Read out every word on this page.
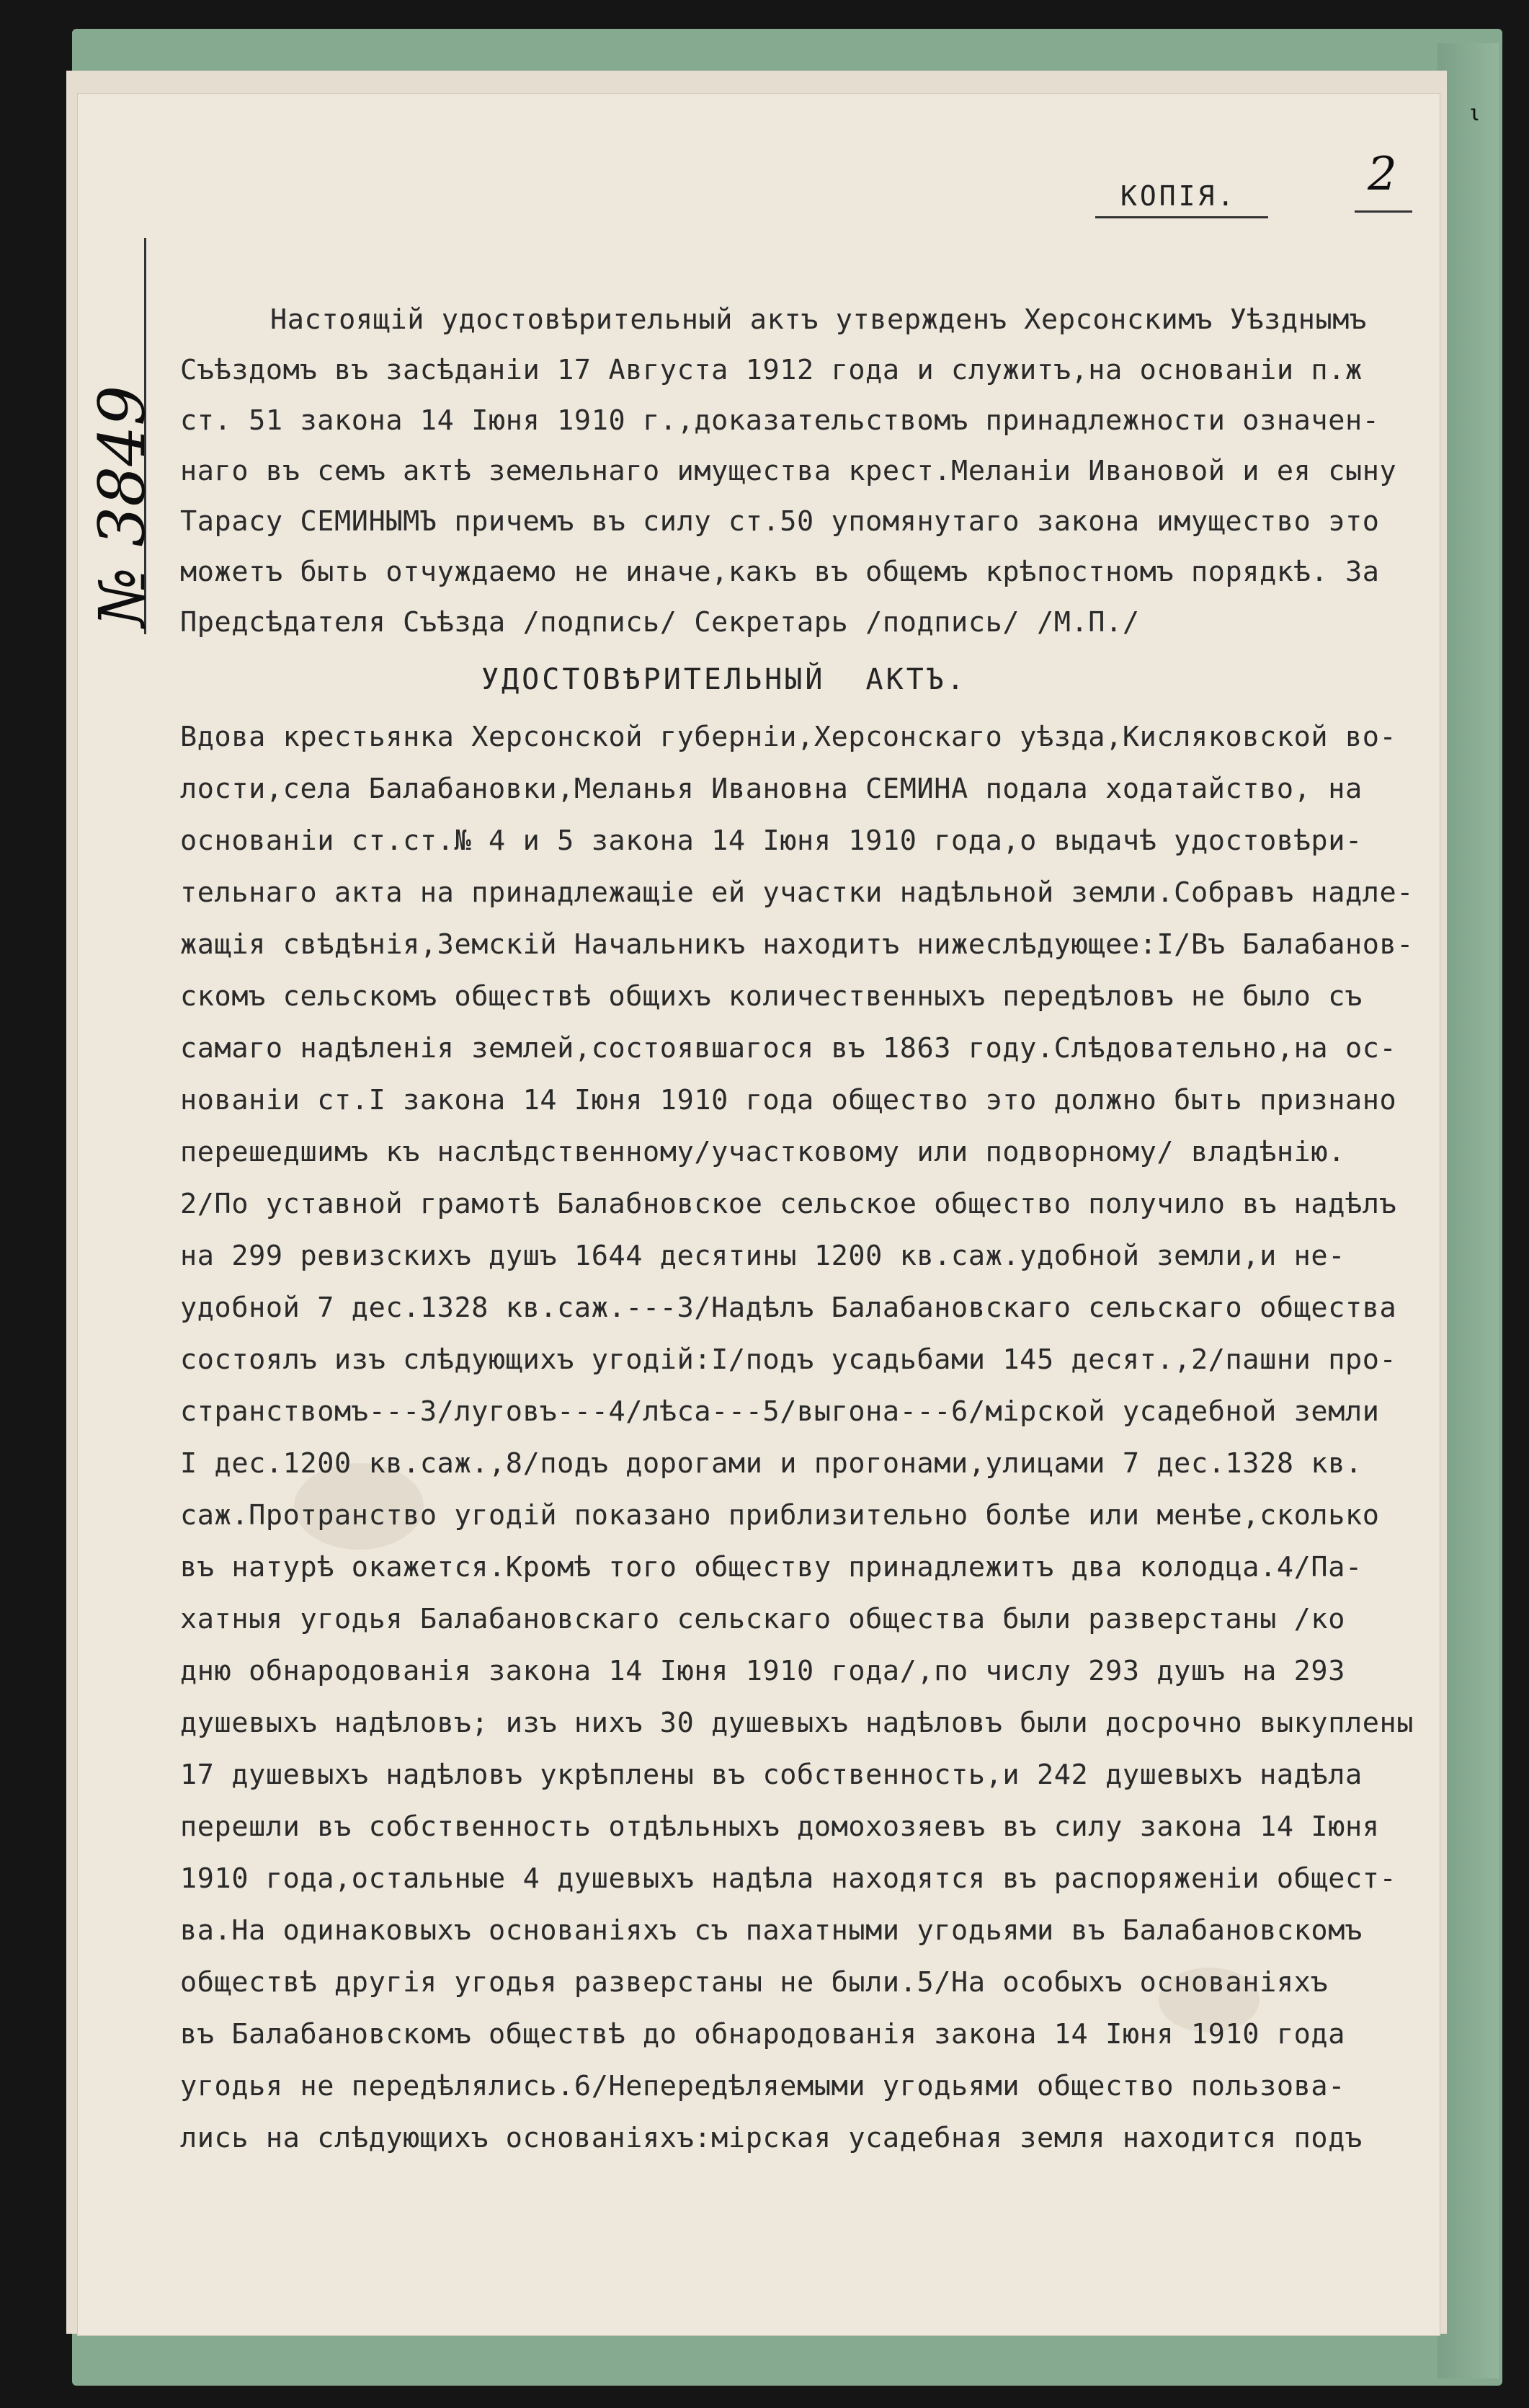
ι
2
КОПІЯ.
№ 3849
Настоящій удостовѣрительный актъ утвержденъ Херсонскимъ Уѣзднымъ
Съѣздомъ въ засѣданіи 17 Августа 1912 года и служитъ,на основаніи п.ж
ст. 51 закона 14 Іюня 1910 г.,доказательствомъ принадлежности означен-
наго въ семъ актѣ земельнаго имущества крест.Меланіи Ивановой и ея сыну
Тарасу СЕМИНЫМЪ причемъ въ силу ст.50 упомянутаго закона имущество это
можетъ быть отчуждаемо не иначе,какъ въ общемъ крѣпостномъ порядкѣ. За
Предсѣдателя Съѣзда /подпись/ Секретарь /подпись/ /М.П./
УДОСТОВѢРИТЕЛЬНЫЙ  АКТЪ.
Вдова крестьянка Херсонской губерніи,Херсонскаго уѣзда,Кисляковской во-
лости,села Балабановки,Меланья Ивановна СЕМИНА подала ходатайство, на
основаніи ст.ст.№ 4 и 5 закона 14 Іюня 1910 года,о выдачѣ удостовѣри-
тельнаго акта на принадлежащіе ей участки надѣльной земли.Собравъ надле-
жащія свѣдѣнія,Земскій Начальникъ находитъ нижеслѣдующее:І/Въ Балабанов-
скомъ сельскомъ обществѣ общихъ количественныхъ передѣловъ не было съ
самаго надѣленія землей,состоявшагося въ 1863 году.Слѣдовательно,на ос-
нованіи ст.І закона 14 Іюня 1910 года общество это должно быть признано
перешедшимъ къ наслѣдственному/участковому или подворному/ владѣнію.
2/По уставной грамотѣ Балабновское сельское общество получило въ надѣлъ
на 299 ревизскихъ душъ 1644 десятины 1200 кв.саж.удобной земли,и не-
удобной 7 дес.1328 кв.саж.---3/Надѣлъ Балабановскаго сельскаго общества
состоялъ изъ слѣдующихъ угодій:І/подъ усадьбами 145 десят.,2/пашни про-
странствомъ---3/луговъ---4/лѣса---5/выгона---6/мірской усадебной земли
І дес.1200 кв.саж.,8/подъ дорогами и прогонами,улицами 7 дес.1328 кв.
саж.Протранство угодій показано приблизительно болѣе или менѣе,сколько
въ натурѣ окажется.Кромѣ того обществу принадлежитъ два колодца.4/Па-
хатныя угодья Балабановскаго сельскаго общества были разверстаны /ко
дню обнародованія закона 14 Іюня 1910 года/,по числу 293 душъ на 293
душевыхъ надѣловъ; изъ нихъ 30 душевыхъ надѣловъ были досрочно выкуплены
17 душевыхъ надѣловъ укрѣплены въ собственность,и 242 душевыхъ надѣла
перешли въ собственность отдѣльныхъ домохозяевъ въ силу закона 14 Іюня
1910 года,остальные 4 душевыхъ надѣла находятся въ распоряженіи общест-
ва.На одинаковыхъ основаніяхъ съ пахатными угодьями въ Балабановскомъ
обществѣ другія угодья разверстаны не были.5/На особыхъ основаніяхъ
въ Балабановскомъ обществѣ до обнародованія закона 14 Іюня 1910 года
угодья не передѣлялись.6/Непередѣляемыми угодьями общество пользова-
лись на слѣдующихъ основаніяхъ:мірская усадебная земля находится подъ
